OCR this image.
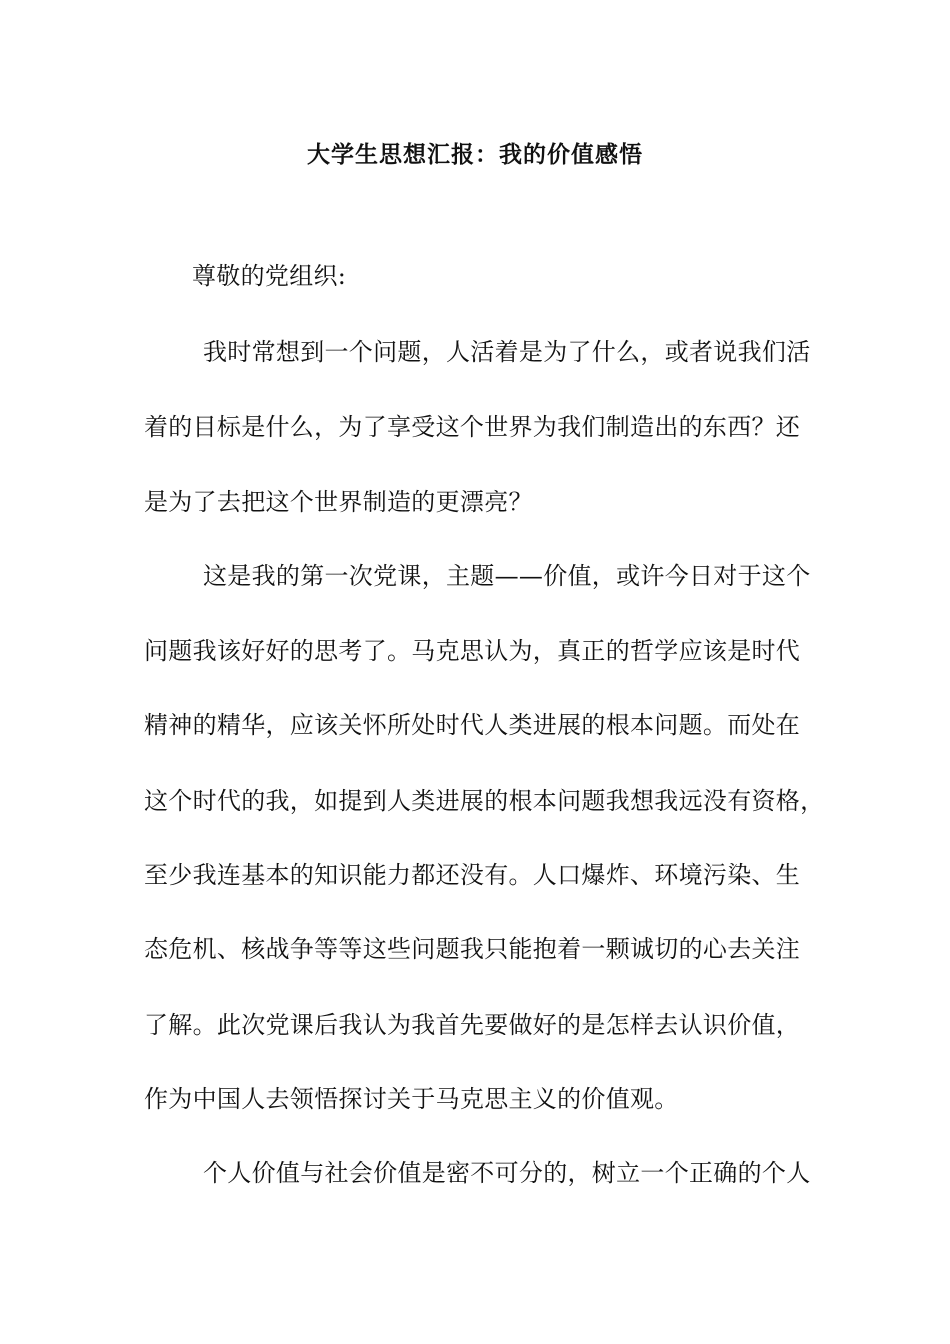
大学生思想汇报：我的价值感悟
尊敬的党组织:
我时常想到一个问题，人活着是为了什么，或者说我们活
着的目标是什么，为了享受这个世界为我们制造出的东西？还
是为了去把这个世界制造的更漂亮？
这是我的第一次党课，主题——价值，或许今日对于这个
问题我该好好的思考了。马克思认为，真正的哲学应该是时代
精神的精华，应该关怀所处时代人类进展的根本问题。而处在
这个时代的我，如提到人类进展的根本问题我想我远没有资格，
至少我连基本的知识能力都还没有。人口爆炸、环境污染、生
态危机、核战争等等这些问题我只能抱着一颗诚切的心去关注
了解。此次党课后我认为我首先要做好的是怎样去认识价值，
作为中国人去领悟探讨关于马克思主义的价值观。
个人价值与社会价值是密不可分的，树立一个正确的个人
